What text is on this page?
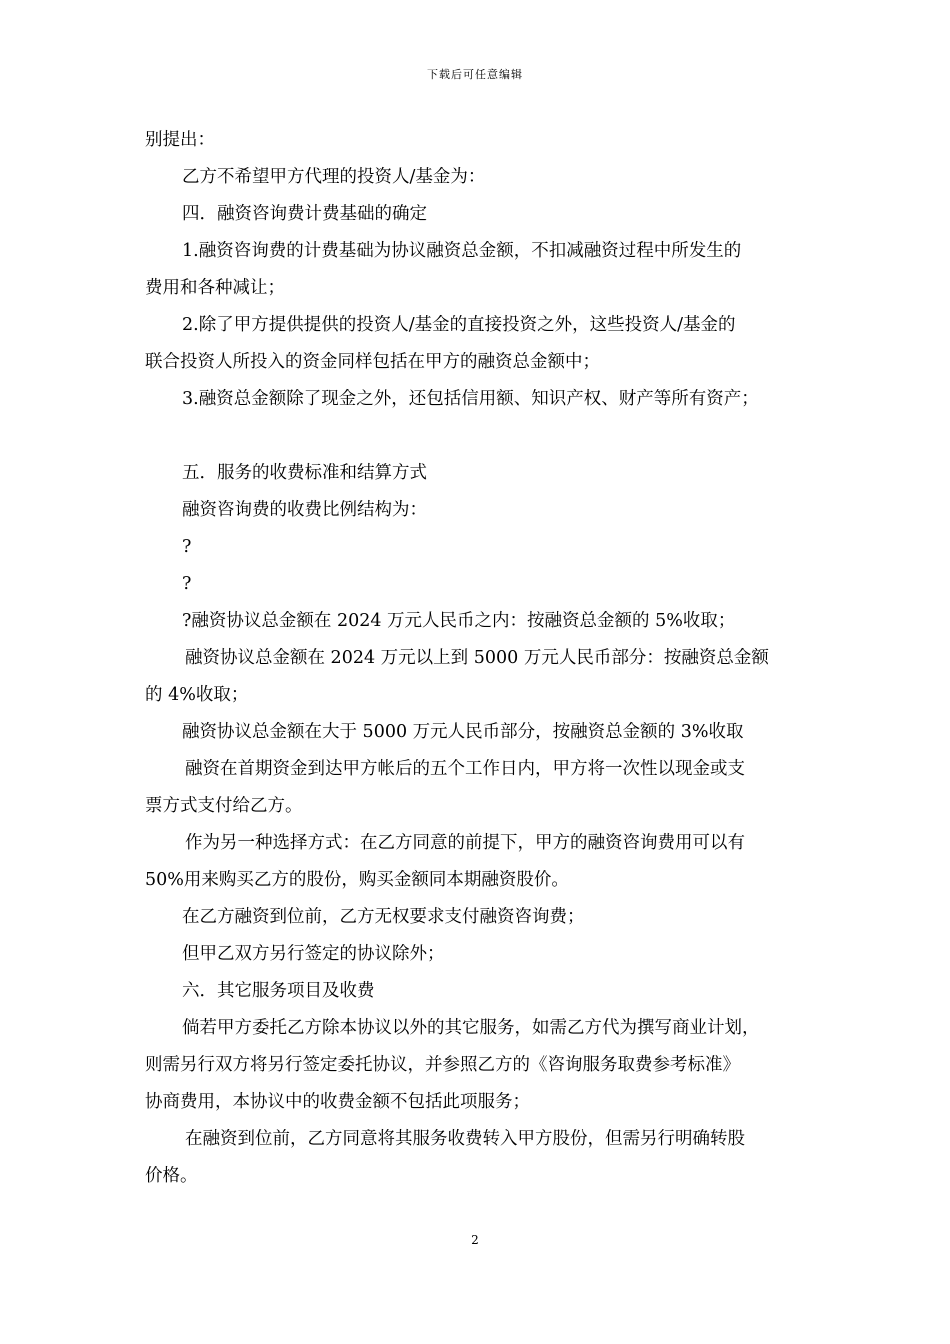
下载后可任意编辑
别提出：
乙方不希望甲方代理的投资人/基金为：
四．融资咨询费计费基础的确定
1.融资咨询费的计费基础为协议融资总金额，不扣减融资过程中所发生的
费用和各种减让；
2.除了甲方提供提供的投资人/基金的直接投资之外，这些投资人/基金的
联合投资人所投入的资金同样包括在甲方的融资总金额中；
3.融资总金额除了现金之外，还包括信用额、知识产权、财产等所有资产；
五．服务的收费标准和结算方式
融资咨询费的收费比例结构为：
?
?
?融资协议总金额在 2024 万元人民币之内：按融资总金额的 5%收取；
融资协议总金额在 2024 万元以上到 5000 万元人民币部分：按融资总金额
的 4%收取；
融资协议总金额在大于 5000 万元人民币部分，按融资总金额的 3%收取
融资在首期资金到达甲方帐后的五个工作日内，甲方将一次性以现金或支
票方式支付给乙方。
作为另一种选择方式：在乙方同意的前提下，甲方的融资咨询费用可以有
50%用来购买乙方的股份，购买金额同本期融资股价。
在乙方融资到位前，乙方无权要求支付融资咨询费；
但甲乙双方另行签定的协议除外；
六．其它服务项目及收费
倘若甲方委托乙方除本协议以外的其它服务，如需乙方代为撰写商业计划，
则需另行双方将另行签定委托协议，并参照乙方的《咨询服务取费参考标准》
协商费用，本协议中的收费金额不包括此项服务；
在融资到位前，乙方同意将其服务收费转入甲方股份，但需另行明确转股
价格。
2
